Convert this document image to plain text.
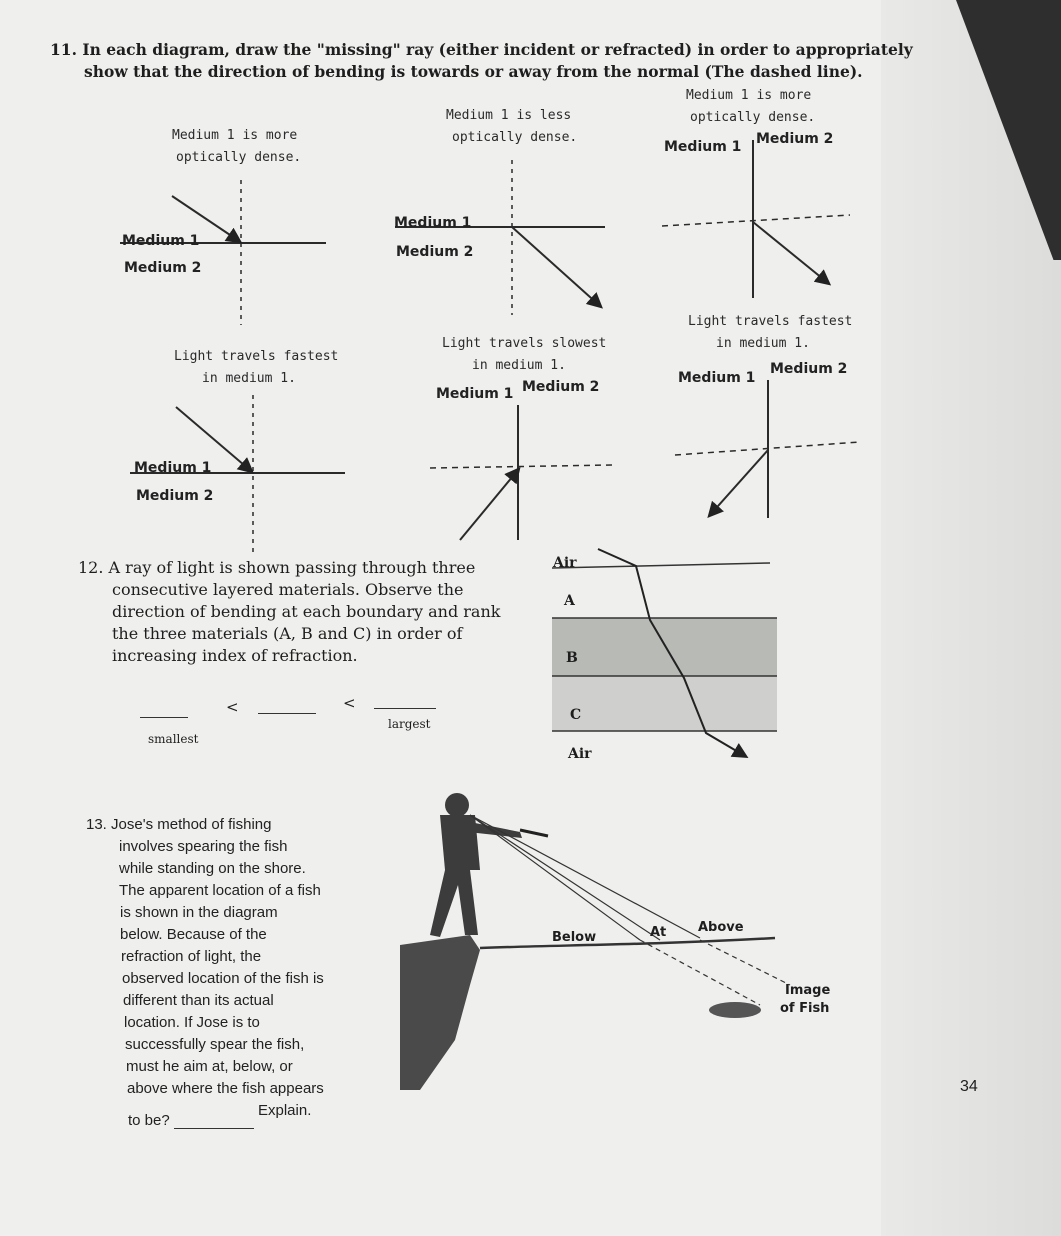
11. In each diagram, draw the "missing" ray (either incident or refracted) in order to appropriately
show that the direction of bending is towards or away from the normal (The dashed line).
Medium 1 is more
optically dense.
Medium 1
Medium 2
Medium 1 is less
optically dense.
Medium 1
Medium 2
Medium 1 is more
optically dense.
Medium 1 Medium 2
Light travels fastest
in medium 1.
Medium 1
Medium 2
Light travels slowest
in medium 1.
Medium 1 Medium 2
Light travels fastest
in medium 1.
Medium 1
Medium 2
12. A ray of light is shown passing through three
consecutive layered materials. Observe the
direction of bending at each boundary and rank
the three materials (A, B and C) in order of
increasing index of refraction.
<	<
smallest
largest
Air
A
B
C
Air
13. Jose's method of fishing
involves spearing the fish
while standing on the shore.
The apparent location of a fish
is shown in the diagram
below. Because of the
refraction of light, the
observed location of the fish is
different than its actual
location. If Jose is to
successfully spear the fish,
must he aim at, below, or
above where the fish appears
to be?
Explain.
Below	At Above
Image
of Fish
34
